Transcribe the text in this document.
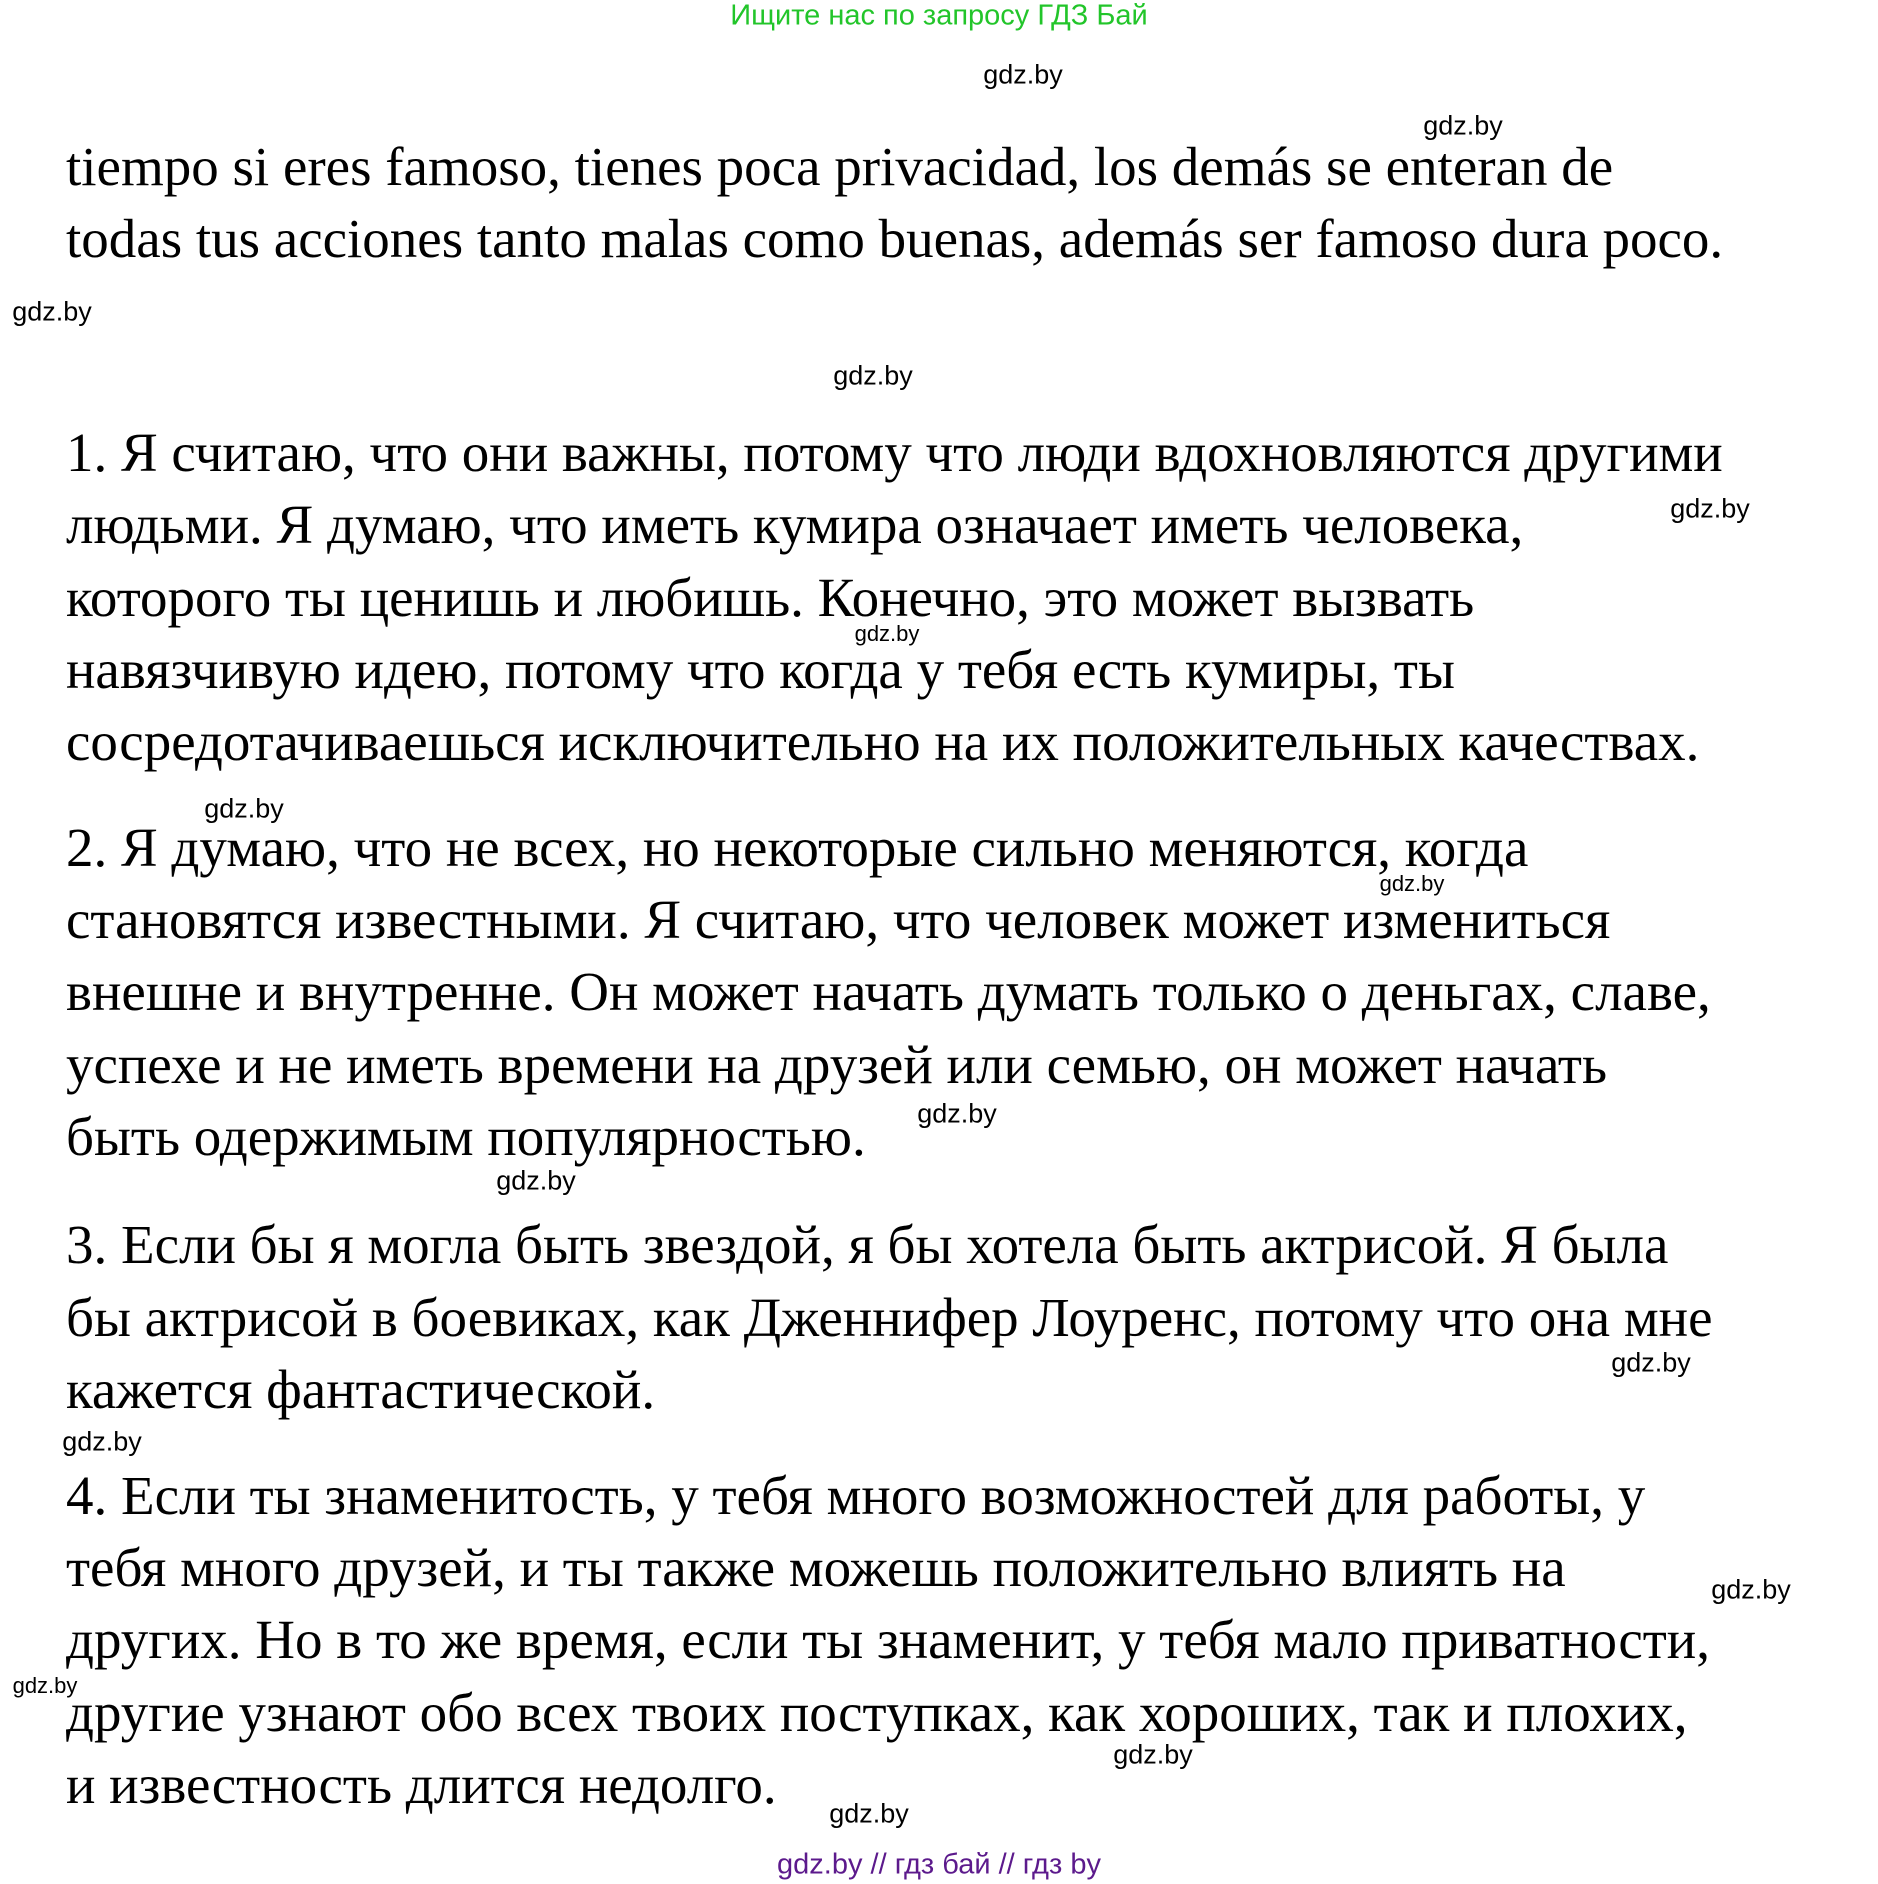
Ищите нас по запросу ГДЗ Бай
tiempo si eres famoso, tienes poca privacidad, los demás se enteran de
todas tus acciones tanto malas como buenas, además ser famoso dura poco.
1. Я считаю, что они важны, потому что люди вдохновляются другими
людьми. Я думаю, что иметь кумира означает иметь человека,
которого ты ценишь и любишь. Конечно, это может вызвать
навязчивую идею, потому что когда у тебя есть кумиры, ты
сосредотачиваешься исключительно на их положительных качествах.
2. Я думаю, что не всех, но некоторые сильно меняются, когда
становятся известными. Я считаю, что человек может измениться
внешне и внутренне. Он может начать думать только о деньгах, славе,
успехе и не иметь времени на друзей или семью, он может начать
быть одержимым популярностью.
3. Если бы я могла быть звездой, я бы хотела быть актрисой. Я была
бы актрисой в боевиках, как Дженнифер Лоуренс, потому что она мне
кажется фантастической.
4. Если ты знаменитость, у тебя много возможностей для работы, у
тебя много друзей, и ты также можешь положительно влиять на
других. Но в то же время, если ты знаменит, у тебя мало приватности,
другие узнают обо всех твоих поступках, как хороших, так и плохих,
и известность длится недолго.
gdz.by
gdz.by
gdz.by
gdz.by
gdz.by
gdz.by
gdz.by
gdz.by
gdz.by
gdz.by
gdz.by
gdz.by
gdz.by
gdz.by
gdz.by
gdz.by
gdz.by // гдз бай // гдз by
